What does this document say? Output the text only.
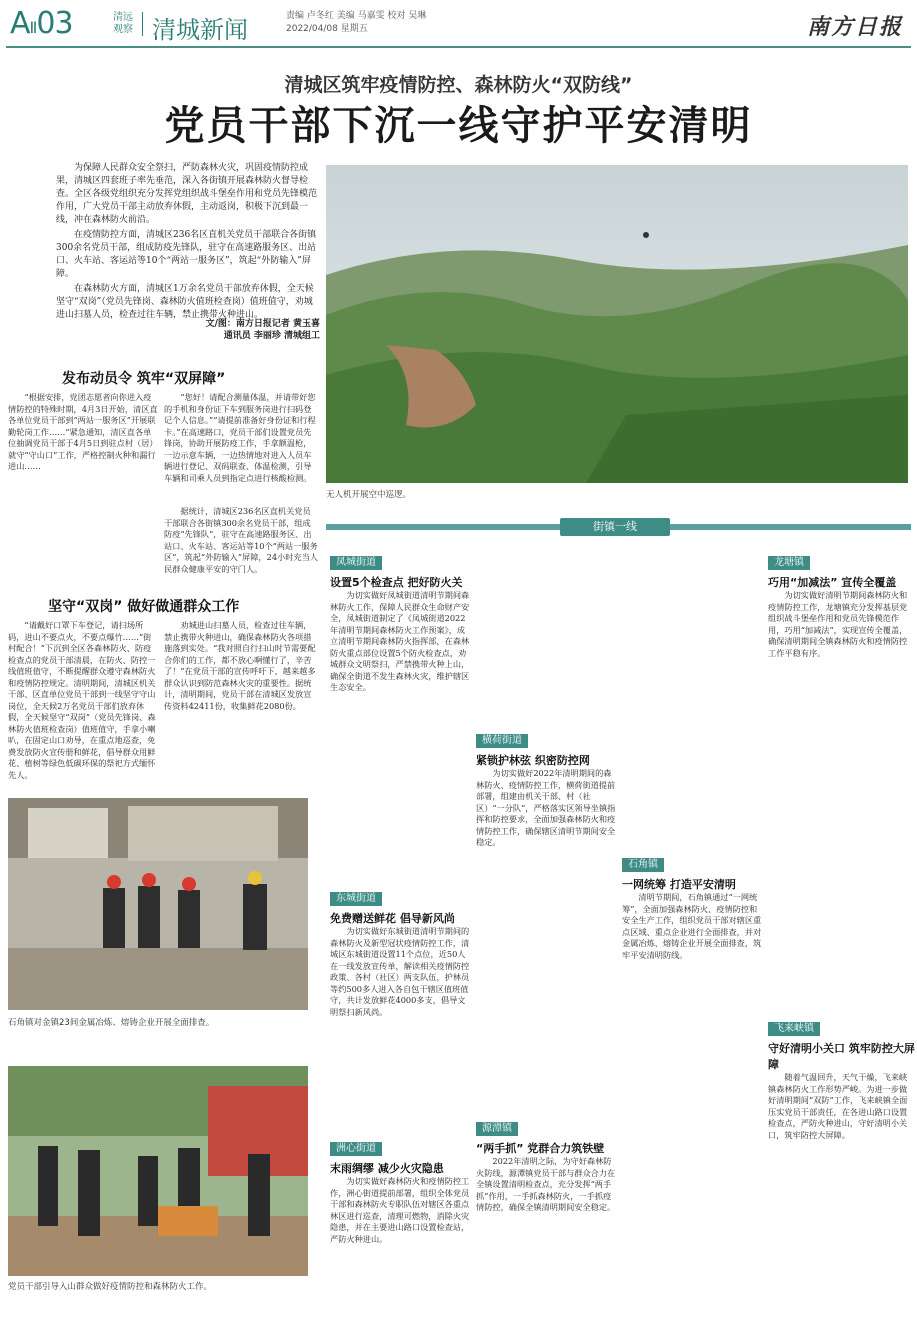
AⅡ03	清远观察 清城新闻	责编 卢冬红 美编 马嘉雯 校对 吴琳
2022/04/08 星期五	南方日报
清城区筑牢疫情防控、森林防火“双防线”
党员干部下沉一线守护平安清明

为保障人民群众安全祭扫，严防森林火灾，巩固疫情防控成果，清城区四套班子率先垂范，深入各街镇开展森林防火督导检查。全区各级党组织充分发挥党组织战斗堡垒作用和党员先锋模范作用，广大党员干部主动放弃休假，主动返岗，积极下沉到最一线，冲在森林防火前沿。

在疫情防控方面，清城区236名区直机关党员干部联合各街镇300余名党员干部，组成防疫先锋队，驻守在高速路服务区、出站口、火车站、客运站等10个“两站一服务区”，筑起“外防输入”屏障。

在森林防火方面，清城区1万余名党员干部放弃休假，全天候坚守“双岗”（党员先锋岗、森林防火值班检查岗）值班值守，劝城进山扫墓人员，检查过往车辆，禁止携带火种进山。

文/图：南方日报记者 黄玉喜
通讯员 李丽珍 清城组工
无人机开展空中巡逻。
发布动员令 筑牢“双屏障”
“根据安排，党团志愿者向你进入疫情防控的特殊时期，4月3日开始，清区直各单位党员干部到“两站一服务区”开展联勤轮岗工作……”紧急通知，清区直各单位抽调党员干部于4月5日到驻点村（居）就守“守山口”工作，严格控制火种和漏行进山……
“您好！请配合测量体温，并请带好您的手机和身份证下车到服务岗进行扫码登记个人信息。”“请提前准备好身份证和行程卡。”在高速路口，党员干部们设置党员先锋岗，协助开展防疫工作，手拿额温枪，一边示意车辆，一边热情地对进入人员车辆进行登记、双码联查、体温检测，引导车辆和司乘人员到指定点进行核酸检测。
据统计，清城区236名区直机关党员干部联合各街镇300余名党员干部，组成防疫“先锋队”，驻守在高速路服务区、出站口、火车站、客运站等10个“两站一服务区”，筑起“外防输入”屏障，24小时充当人民群众健康平安的守门人。
坚守“双岗” 做好做通群众工作
“请戴好口罩下车登记，请扫场所码，进山不要点火，不要点爆竹……”街村配合！”下沉到全区各森林防火、防疫检查点的党员干部清晨，在防火、防控一线值班值守，不断提醒群众遵守森林防火和疫情防控规定。清明期间，清城区机关干部、区直单位党员干部到一线坚守守山岗位，全天候2万名党员干部们放弃休假，全天候坚守“双岗”（党员先锋岗、森林防火值班检查岗）值班值守，手拿小喇叭，在固定山口劝导，在重点地巡查，免费发放防火宣传册和鲜花，倡导群众用鲜花、植树等绿色低碳环保的祭祀方式缅怀先人。
劝城进山扫墓人员，检查过往车辆，禁止携带火种进山，确保森林防火各项措施落到实处。“我对照自行扫山时节需要配合你们的工作，都不放心啊懂行了，辛苦了！”在党员干部的宣传呼吁下，越来越多群众认识到防范森林火灾的重要性。据统计，清明期间，党员干部在清城区发放宣传资料42411份，收集鲜花2080份。
石角镇对金镇23间金属冶炼、熔铸企业开展全面排查。
党员干部引导入山群众做好疫情防控和森林防火工作。
街镇一线
凤城街道
设置5个检查点 把好防火关
为切实做好凤城街道清明节期间森林防火工作，保障人民群众生命财产安全，凤城街道制定了《凤城街道2022年清明节期间森林防火工作预案》，成立清明节期间森林防火指挥部，在森林防火重点部位设置5个防火检查点，劝城群众文明祭扫，严禁携带火种上山，确保全街道不发生森林火灾，维护辖区生态安全。
东城街道
免费赠送鲜花 倡导新风尚
为切实做好东城街道清明节期间的森林防火及新型冠状疫情防控工作，清城区东城街道设置11个点位，近50人在一线发放宣传单，解读相关疫情防控政策、各村（社区）两支队伍，护林员等约500多人进入各自包干辖区值班值守，共计发放鲜花4000多支，倡导文明祭扫新风尚。
洲心街道
末雨绸缪 减少火灾隐患
为切实做好森林防火和疫情防控工作，洲心街道提前部署，组织全体党员干部和森林防火专职队伍对辖区各重点林区进行巡查，清理可燃物，消除火灾隐患，并在主要进山路口设置检查站，严防火种进山。
横荷街道
紧锁护林弦 织密防控网
为切实做好2022年清明期间的森林防火、疫情防控工作，横荷街道提前部署，组建由机关干部、村（社区）“一分队”，严格落实区领导坐镇指挥和防控要求，全面加强森林防火和疫情防控工作，确保辖区清明节期间安全稳定。
源潭镇
“两手抓” 党群合力筑铁壁
2022年清明之际，为守好森林防火防线，源潭镇党员干部与群众合力在全镇设置清明检查点，充分发挥“两手抓”作用，一手抓森林防火，一手抓疫情防控，确保全镇清明期间安全稳定。
石角镇
一网统筹 打造平安清明
清明节期间，石角镇通过“一网统筹”，全面加强森林防火、疫情防控和安全生产工作，组织党员干部对辖区重点区域、重点企业进行全面排查，并对金属冶炼、熔铸企业开展全面排查，筑牢平安清明防线。
龙塘镇
巧用“加减法” 宣传全覆盖
为切实做好清明节期间森林防火和疫情防控工作，龙塘镇充分发挥基层党组织战斗堡垒作用和党员先锋模范作用，巧用“加减法”，实现宣传全覆盖，确保清明期间全镇森林防火和疫情防控工作平稳有序。
飞来峡镇
守好清明小关口 筑牢防控大屏障
随着气温回升，天气干燥，飞来峡镇森林防火工作形势严峻。为进一步做好清明期间“双防”工作，飞来峡镇全面压实党员干部责任，在各进山路口设置检查点，严防火种进山，守好清明小关口，筑牢防控大屏障。
